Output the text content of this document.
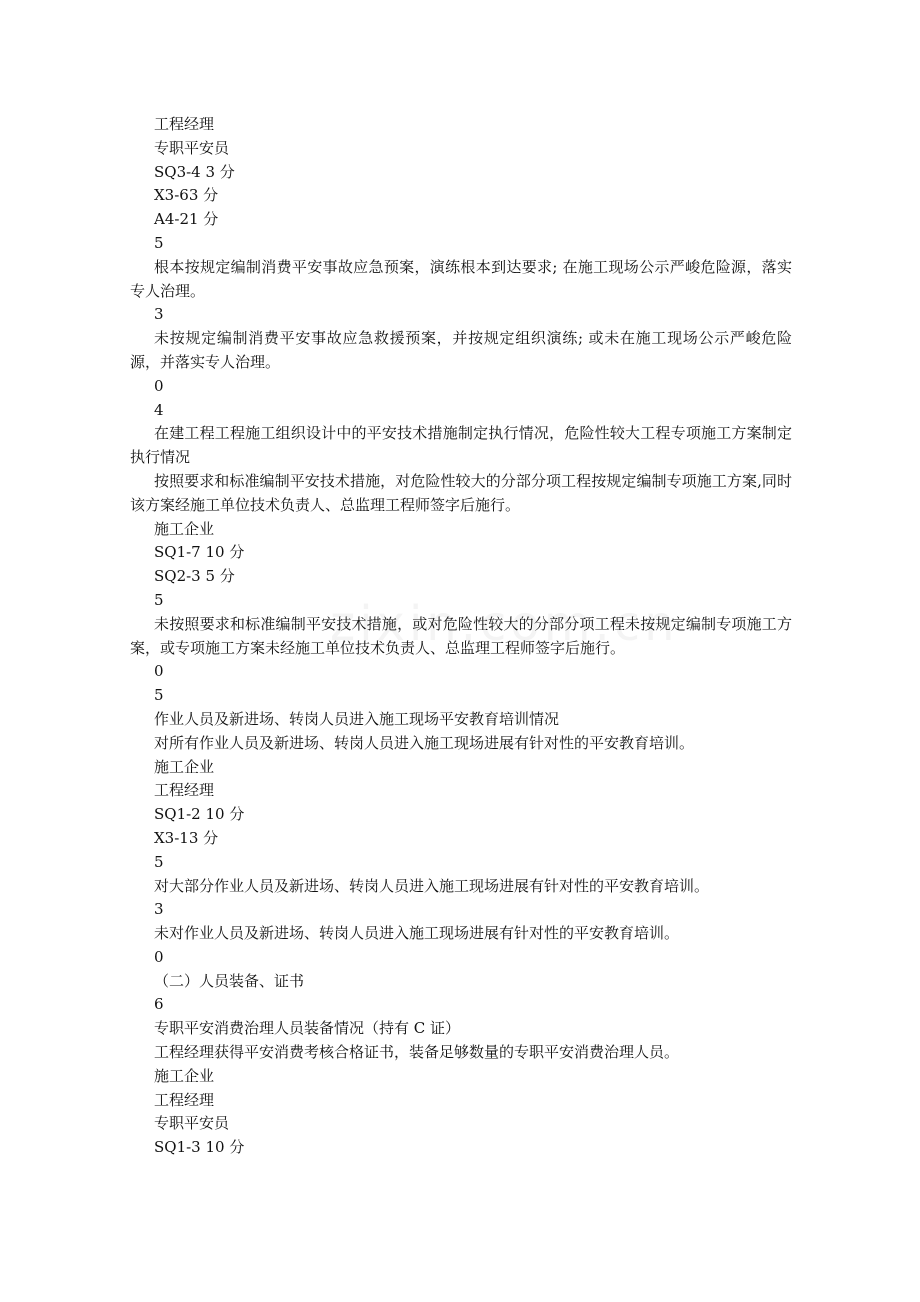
工程经理
专职平安员
SQ3-4 3 分
X3-63 分
A4-21 分
5
根本按规定编制消费平安事故应急预案，演练根本到达要求; 在施工现场公示严峻危险源，落实专人治理。
3
未按规定编制消费平安事故应急救援预案，并按规定组织演练; 或未在施工现场公示严峻危险源，并落实专人治理。
0
4
在建工程工程施工组织设计中的平安技术措施制定执行情况，危险性较大工程专项施工方案制定执行情况
按照要求和标准编制平安技术措施，对危险性较大的分部分项工程按规定编制专项施工方案,同时该方案经施工单位技术负责人、总监理工程师签字后施行。
施工企业
SQ1-7 10 分
SQ2-3 5 分
5
未按照要求和标准编制平安技术措施，或对危险性较大的分部分项工程未按规定编制专项施工方案，或专项施工方案未经施工单位技术负责人、总监理工程师签字后施行。
0
5
作业人员及新进场、转岗人员进入施工现场平安教育培训情况
对所有作业人员及新进场、转岗人员进入施工现场进展有针对性的平安教育培训。
施工企业
工程经理
SQ1-2 10 分
X3-13 分
5
对大部分作业人员及新进场、转岗人员进入施工现场进展有针对性的平安教育培训。
3
未对作业人员及新进场、转岗人员进入施工现场进展有针对性的平安教育培训。
0
（二）人员装备、证书
6
专职平安消费治理人员装备情况（持有 C 证）
工程经理获得平安消费考核合格证书，装备足够数量的专职平安消费治理人员。
施工企业
工程经理
专职平安员
SQ1-3 10 分
